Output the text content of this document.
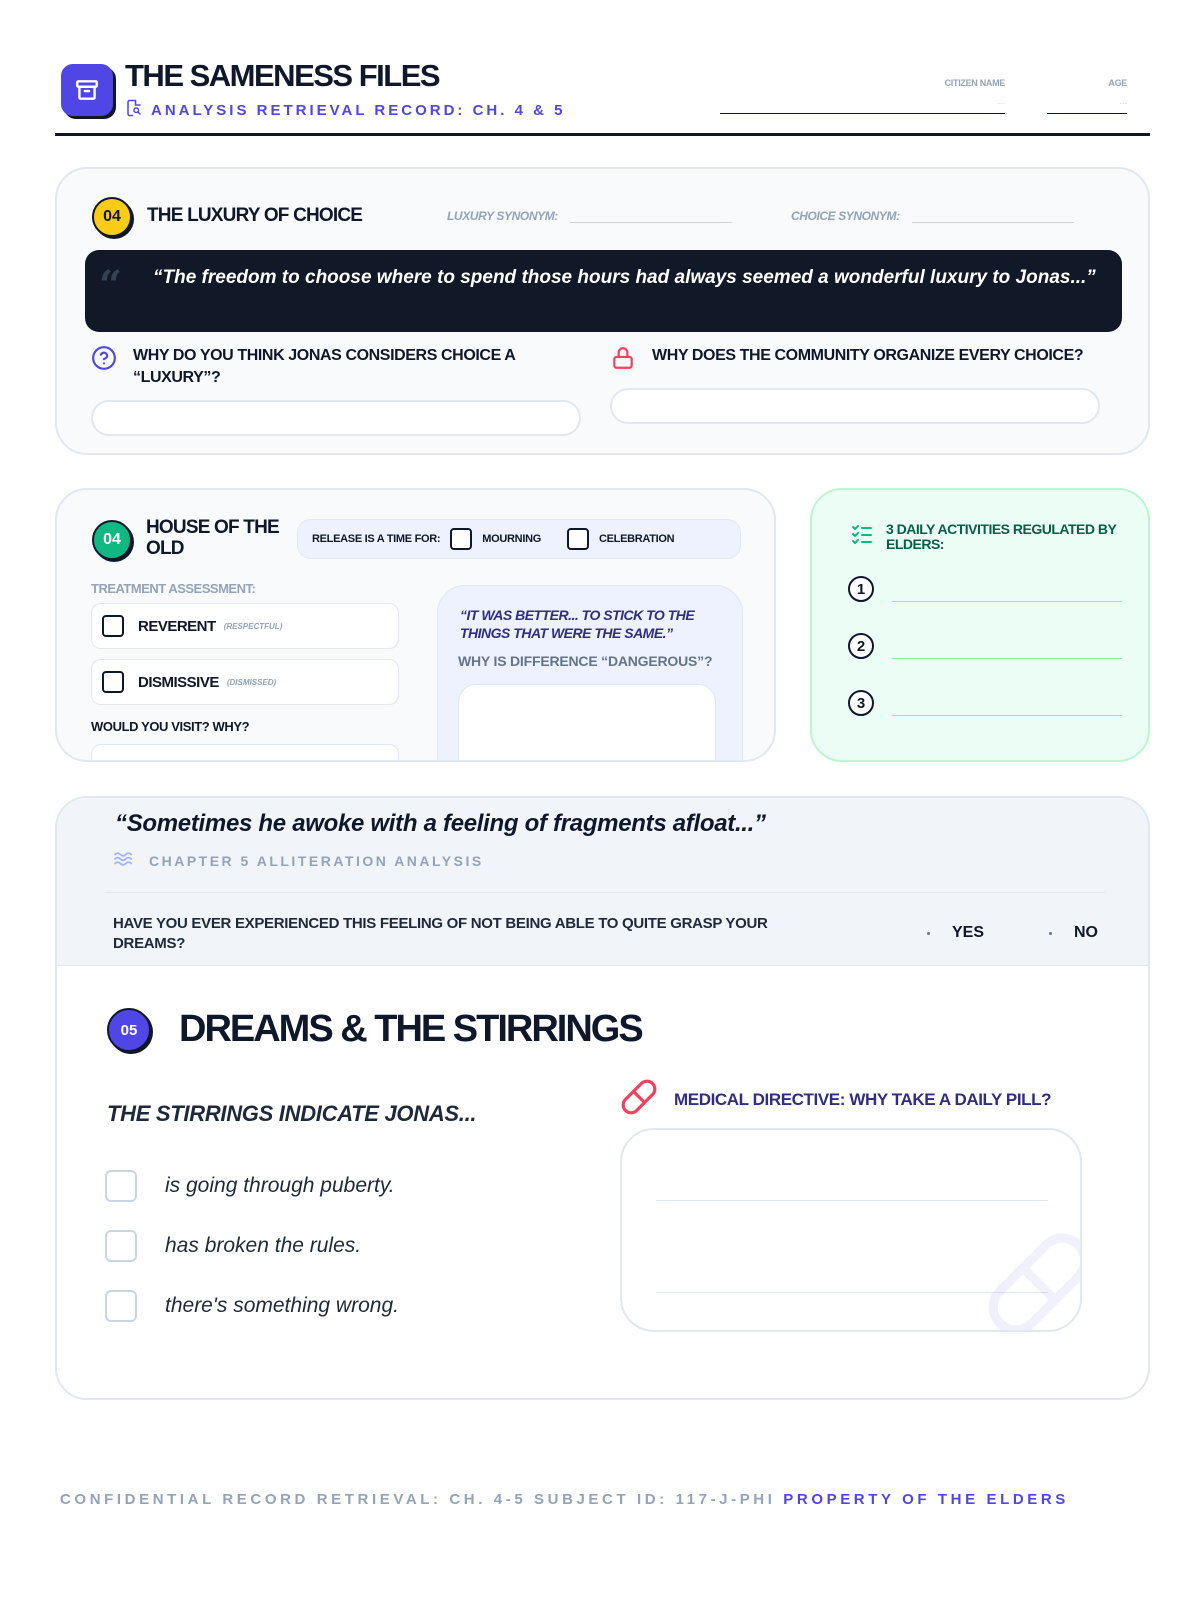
THE SAMENESS FILES
ANALYSIS RETRIEVAL RECORD: CH. 4 & 5
CITIZEN NAME
...
AGE
...
04	THE LUXURY OF CHOICE	LUXURY SYNONYM:	CHOICE SYNONYM:
“ “The freedom to choose where to spend those hours had always seemed a wonderful luxury to Jonas...”
WHY DO YOU THINK JONAS CONSIDERS CHOICE A “LUXURY”?
WHY DOES THE COMMUNITY ORGANIZE EVERY CHOICE?
04
HOUSE OF THE OLD	RELEASE IS A TIME FOR:	MOURNING	CELEBRATION
TREATMENT ASSESSMENT:
REVERENT (RESPECTFUL)
DISMISSIVE (DISMISSED)
WOULD YOU VISIT? WHY?
“IT WAS BETTER... TO STICK TO THE THINGS THAT WERE THE SAME.”
WHY IS DIFFERENCE “DANGEROUS”?
3 DAILY ACTIVITIES REGULATED BY ELDERS:
1
2
3
“Sometimes he awoke with a feeling of fragments afloat...”
CHAPTER 5 ALLITERATION ANALYSIS
HAVE YOU EVER EXPERIENCED THIS FEELING OF NOT BEING ABLE TO QUITE GRASP YOUR DREAMS?
YES	NO
05	DREAMS & THE STIRRINGS
THE STIRRINGS INDICATE JONAS...
is going through puberty.
has broken the rules.
there's something wrong.
MEDICAL DIRECTIVE: WHY TAKE A DAILY PILL?
CONFIDENTIAL RECORD RETRIEVAL: CH. 4-5 SUBJECT ID: 117-J-PHI PROPERTY OF THE ELDERS
